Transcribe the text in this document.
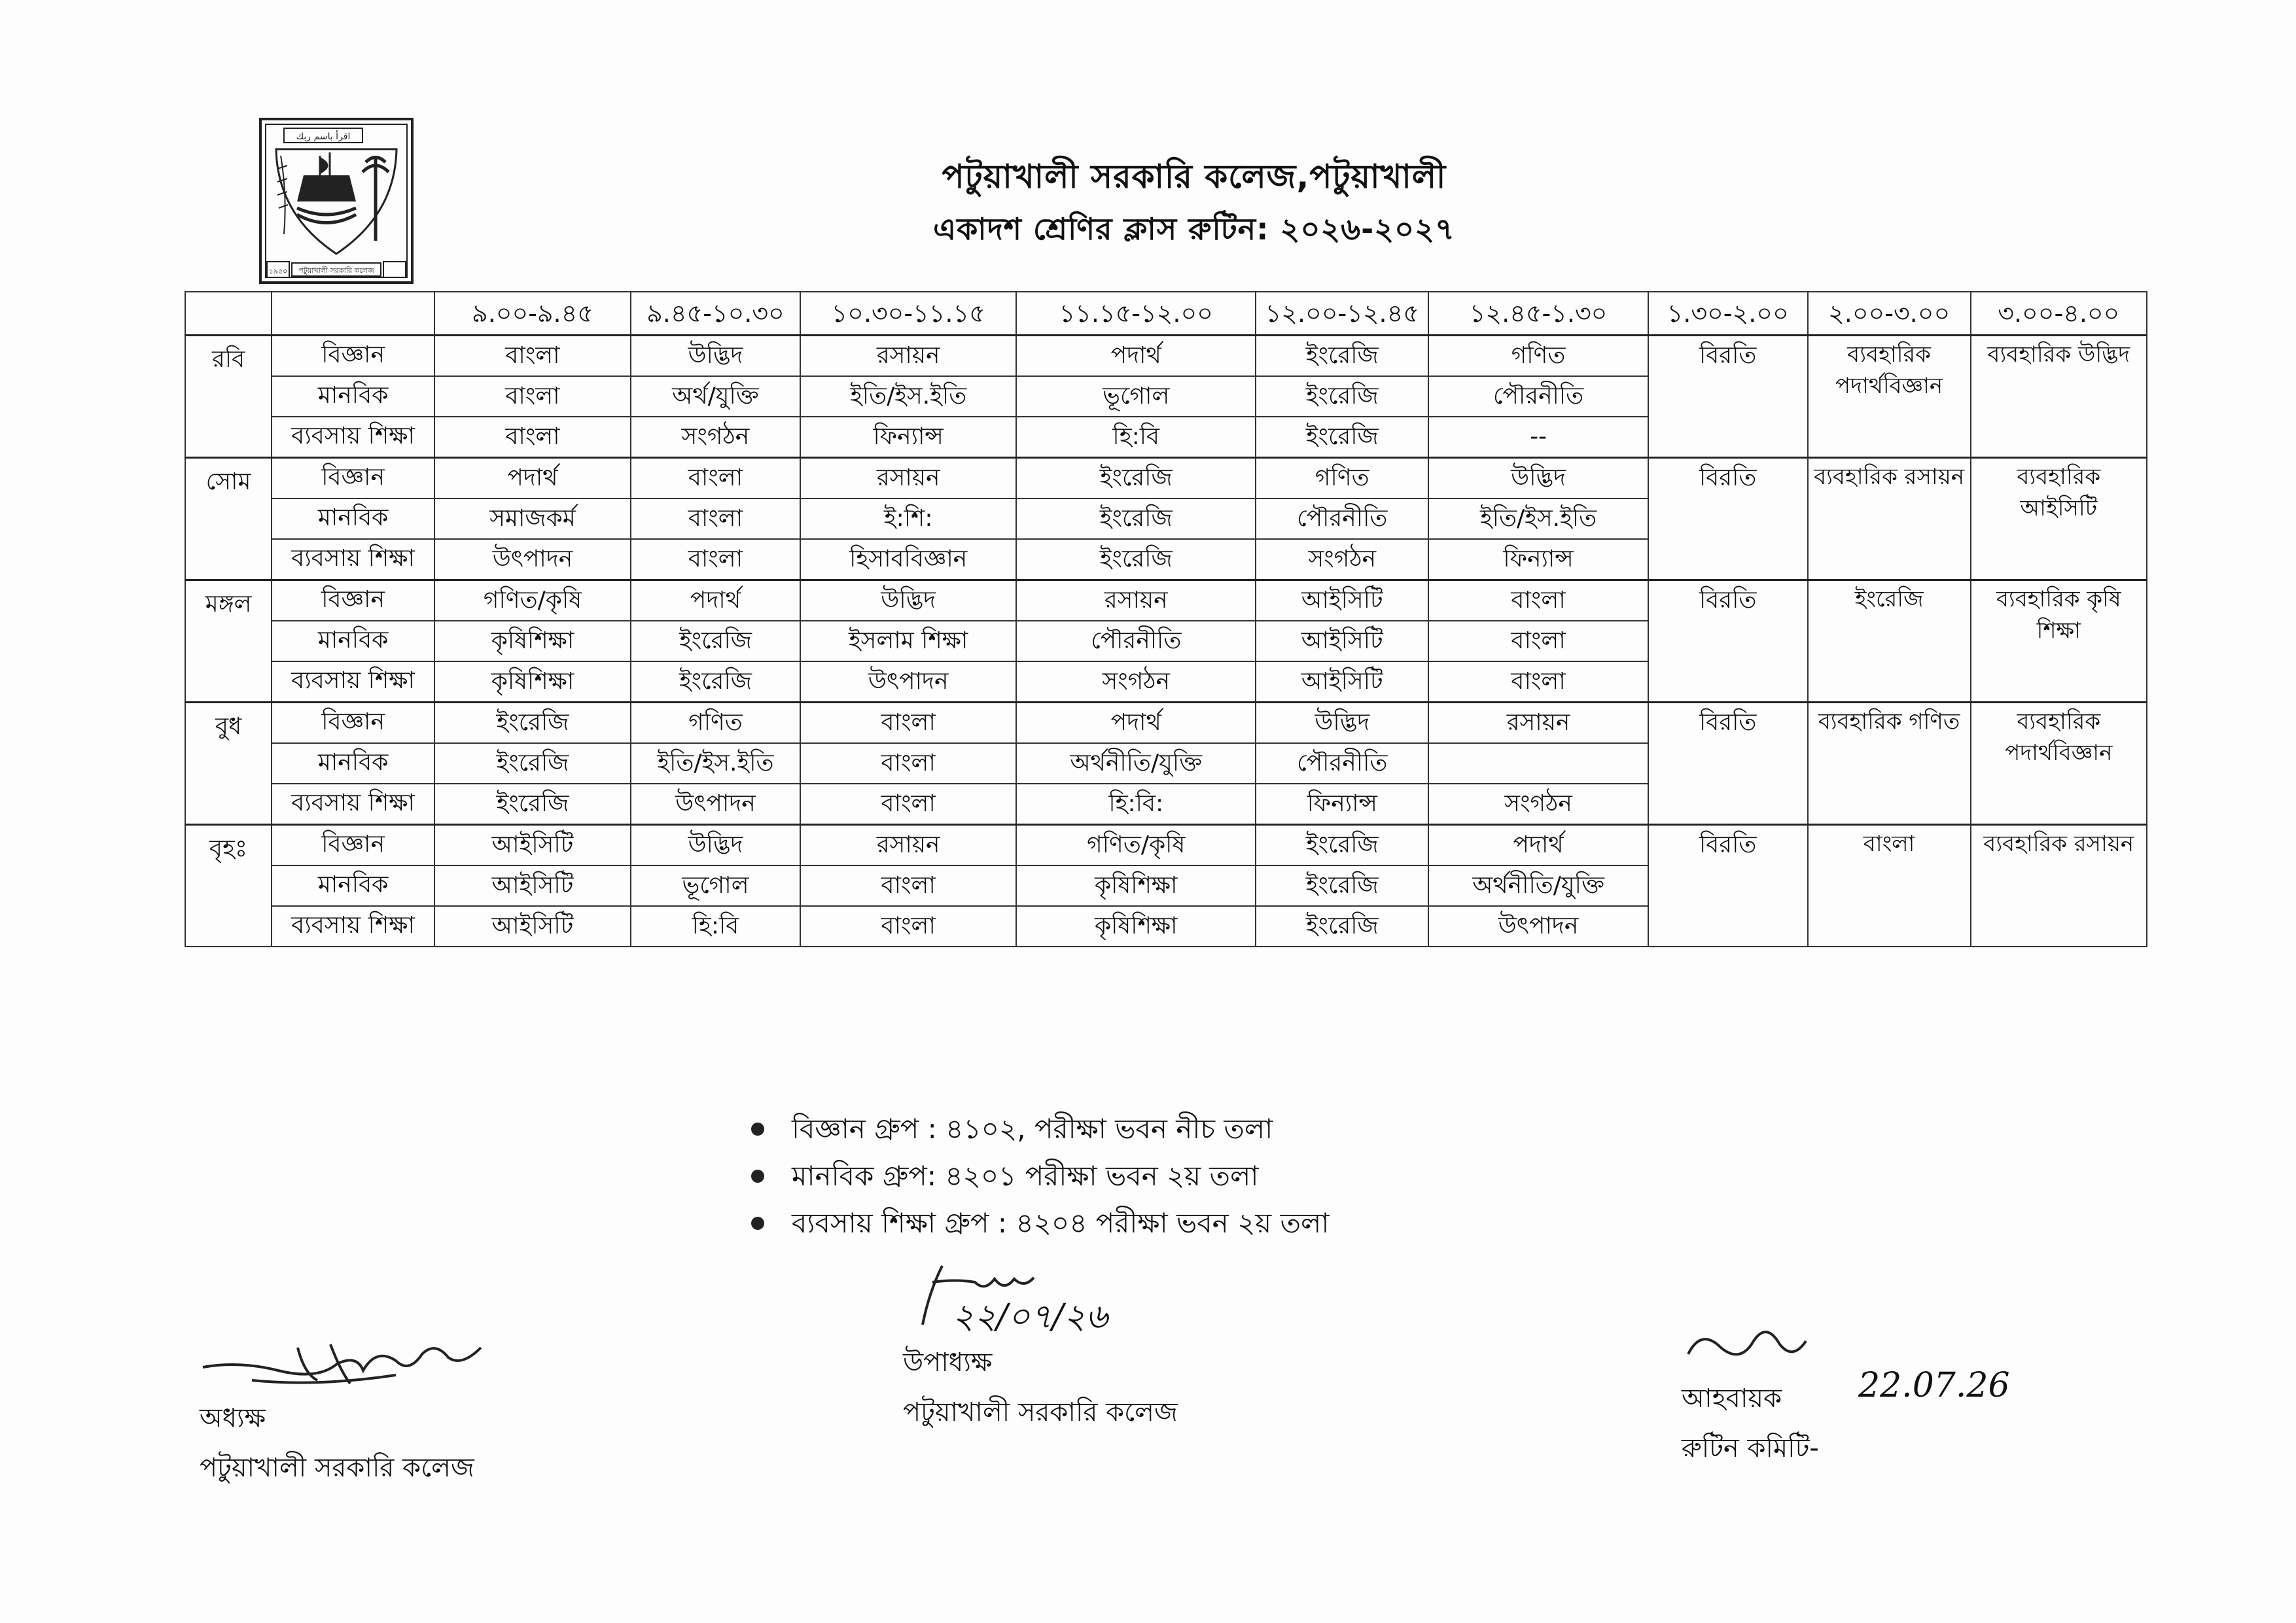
اقرأ باسم ربك
১৯৫০ পটুয়াখালী সরকারি কলেজ
পটুয়াখালী সরকারি কলেজ,পটুয়াখালী
একাদশ শ্রেণির ক্লাস রুটিন: ২০২৬-২০২৭
		৯.০০-৯.৪৫	৯.৪৫-১০.৩০	১০.৩০-১১.১৫	১১.১৫-১২.০০	১২.০০-১২.৪৫	১২.৪৫-১.৩০	১.৩০-২.০০	২.০০-৩.০০	৩.০০-৪.০০
রবি	বিজ্ঞান	বাংলা	উদ্ভিদ	রসায়ন	পদার্থ	ইংরেজি	গণিত	বিরতি	ব্যবহারিক পদার্থবিজ্ঞান	ব্যবহারিক উদ্ভিদ
	মানবিক	বাংলা	অর্থ/যুক্তি	ইতি/ইস.ইতি	ভূগোল	ইংরেজি	পৌরনীতি			
	ব্যবসায় শিক্ষা	বাংলা	সংগঠন	ফিন্যান্স	হি:বি	ইংরেজি	--			
সোম	বিজ্ঞান	পদার্থ	বাংলা	রসায়ন	ইংরেজি	গণিত	উদ্ভিদ	বিরতি	ব্যবহারিক রসায়ন	ব্যবহারিক আইসিটি
	মানবিক	সমাজকর্ম	বাংলা	ই:শি:	ইংরেজি	পৌরনীতি	ইতি/ইস.ইতি			
	ব্যবসায় শিক্ষা	উৎপাদন	বাংলা	হিসাববিজ্ঞান	ইংরেজি	সংগঠন	ফিন্যান্স			
মঙ্গল	বিজ্ঞান	গণিত/কৃষি	পদার্থ	উদ্ভিদ	রসায়ন	আইসিটি	বাংলা	বিরতি	ইংরেজি	ব্যবহারিক কৃষি শিক্ষা
	মানবিক	কৃষিশিক্ষা	ইংরেজি	ইসলাম শিক্ষা	পৌরনীতি	আইসিটি	বাংলা			
	ব্যবসায় শিক্ষা	কৃষিশিক্ষা	ইংরেজি	উৎপাদন	সংগঠন	আইসিটি	বাংলা			
বুধ	বিজ্ঞান	ইংরেজি	গণিত	বাংলা	পদার্থ	উদ্ভিদ	রসায়ন	বিরতি	ব্যবহারিক গণিত	ব্যবহারিক পদার্থবিজ্ঞান
	মানবিক	ইংরেজি	ইতি/ইস.ইতি	বাংলা	অর্থনীতি/যুক্তি	পৌরনীতি				
	ব্যবসায় শিক্ষা	ইংরেজি	উৎপাদন	বাংলা	হি:বি:	ফিন্যান্স	সংগঠন			
বৃহঃ	বিজ্ঞান	আইসিটি	উদ্ভিদ	রসায়ন	গণিত/কৃষি	ইংরেজি	পদার্থ	বিরতি	বাংলা	ব্যবহারিক রসায়ন
	মানবিক	আইসিটি	ভূগোল	বাংলা	কৃষিশিক্ষা	ইংরেজি	অর্থনীতি/যুক্তি			
	ব্যবসায় শিক্ষা	আইসিটি	হি:বি	বাংলা	কৃষিশিক্ষা	ইংরেজি	উৎপাদন			
বিজ্ঞান গ্রুপ : ৪১০২, পরীক্ষা ভবন নীচ তলা
মানবিক গ্রুপ: ৪২০১ পরীক্ষা ভবন ২য় তলা
ব্যবসায় শিক্ষা গ্রুপ : ৪২০৪ পরীক্ষা ভবন ২য় তলা
অধ্যক্ষ
পটুয়াখালী সরকারি কলেজ
২২/০৭/২৬
উপাধ্যক্ষ
পটুয়াখালী সরকারি কলেজ
22.07.26
আহবায়ক
রুটিন কমিটি-
